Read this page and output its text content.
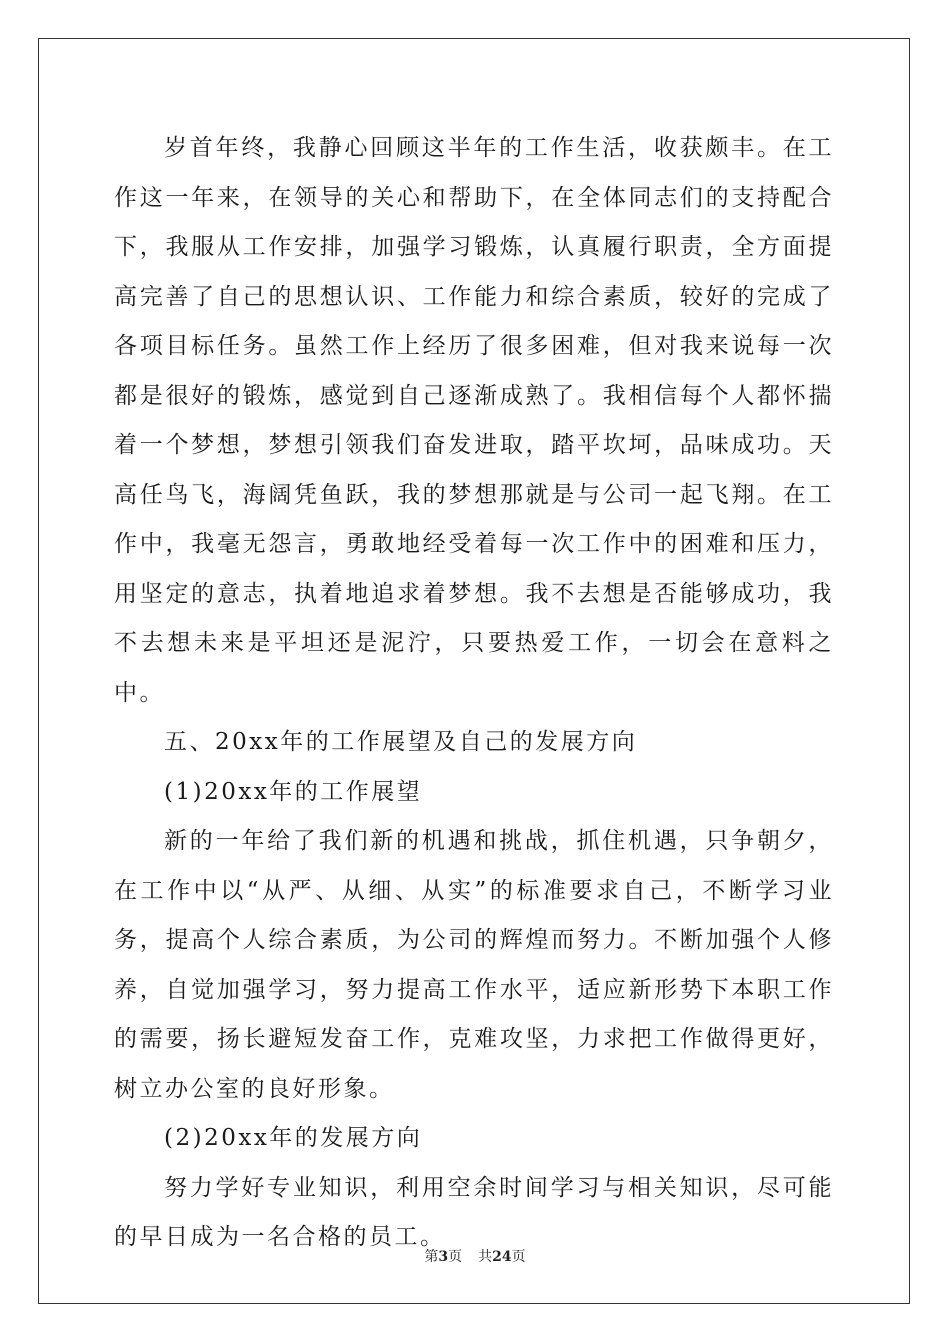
岁首年终，我静心回顾这半年的工作生活，收获颇丰。在工作这一年来，在领导的关心和帮助下，在全体同志们的支持配合下，我服从工作安排，加强学习锻炼，认真履行职责，全方面提高完善了自己的思想认识、工作能力和综合素质，较好的完成了各项目标任务。虽然工作上经历了很多困难，但对我来说每一次都是很好的锻炼，感觉到自己逐渐成熟了。我相信每个人都怀揣着一个梦想，梦想引领我们奋发进取，踏平坎坷，品味成功。天高任鸟飞，海阔凭鱼跃，我的梦想那就是与公司一起飞翔。在工作中，我毫无怨言，勇敢地经受着每一次工作中的困难和压力，用坚定的意志，执着地追求着梦想。我不去想是否能够成功，我不去想未来是平坦还是泥泞，只要热爱工作，一切会在意料之中。

五、20xx年的工作展望及自己的发展方向

(1)20xx年的工作展望

新的一年给了我们新的机遇和挑战，抓住机遇，只争朝夕，在工作中以“从严、从细、从实”的标准要求自己，不断学习业务，提高个人综合素质，为公司的辉煌而努力。不断加强个人修养，自觉加强学习，努力提高工作水平，适应新形势下本职工作的需要，扬长避短发奋工作，克难攻坚，力求把工作做得更好，树立办公室的良好形象。

(2)20xx年的发展方向

努力学好专业知识，利用空余时间学习与相关知识，尽可能的早日成为一名合格的员工。

第3页 共24页
